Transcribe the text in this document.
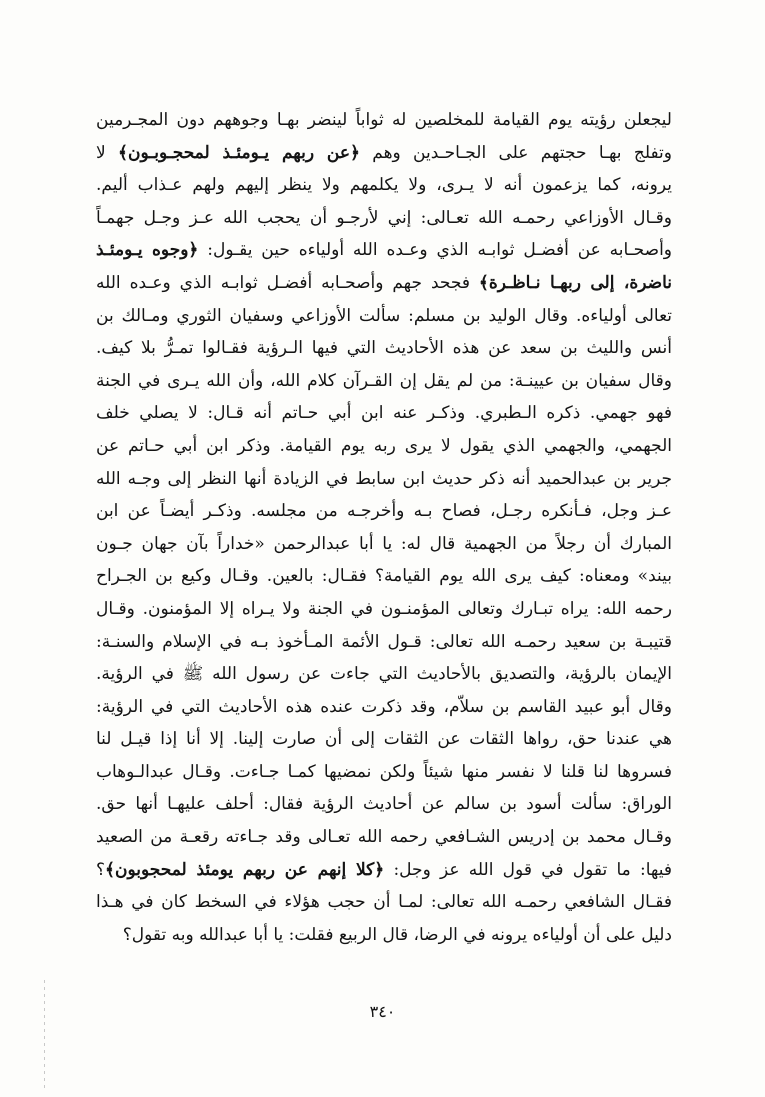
ليجعلن رؤيته يوم القيامة للمخلصين له ثواباً لينضر بهـا وجوههم دون المجـرمين
وتفلج بهـا حجتهم على الجـاحـدين وهم ﴿عن ربهم يـومئـذ لمحجـوبـون﴾ لا
يرونه، كما يزعمون أنه لا يـرى، ولا يكلمهم ولا ينظر إليهم ولهم عـذاب أليم.
وقـال الأوزاعي رحمـه الله تعـالى: إني لأرجـو أن يحجب الله عـز وجـل جهمـاً
وأصحـابه عن أفضـل ثوابـه الذي وعـده الله أولياءه حين يقـول: ﴿وجوه يـومئـذ
ناضرة، إلى ربهـا نـاظـرة﴾ فجحد جهم وأصحـابه أفضـل ثوابـه الذي وعـده الله
تعالى أولياءه. وقال الوليد بن مسلم: سألت الأوزاعي وسفيان الثوري ومـالك بن
أنس والليث بن سعد عن هذه الأحاديث التي فيها الـرؤية فقـالوا تمـرُّ بلا كيف.
وقال سفيان بن عيينـة: من لم يقل إن القـرآن كلام الله، وأن الله يـرى في الجنة
فهو جهمي. ذكره الـطبري. وذكـر عنه ابن أبي حـاتم أنه قـال: لا يصلي خلف
الجهمي، والجهمي الذي يقول لا يرى ربه يوم القيامة. وذكر ابن أبي حـاتم عن
جرير بن عبدالحميد أنه ذكر حديث ابن سابط في الزيادة أنها النظر إلى وجـه الله
عـز وجل، فـأنكره رجـل، فصاح بـه وأخرجـه من مجلسه. وذكـر أيضـاً عن ابن
المبارك أن رجلاً من الجهمية قال له: يا أبا عبدالرحمن «خداراً بآن جهان جـون
بيند» ومعناه: كيف يرى الله يوم القيامة؟ فقـال: بالعين. وقـال وكيع بن الجـراح
رحمه الله: يراه تبـارك وتعالى المؤمنـون في الجنة ولا يـراه إلا المؤمنون. وقـال
قتيبـة بن سعيد رحمـه الله تعالى: قـول الأئمة المـأخوذ بـه في الإسلام والسنـة:
الإيمان بالرؤية، والتصديق بالأحاديث التي جاءت عن رسول الله ﷺ في الرؤية.
وقال أبو عبيد القاسم بن سلاّم، وقد ذكرت عنده هذه الأحاديث التي في الرؤية:
هي عندنا حق، رواها الثقات عن الثقات إلى أن صارت إلينا. إلا أنا إذا قيـل لنا
فسروها لنا قلنا لا نفسر منها شيئاً ولكن نمضيها كمـا جـاءت. وقـال عبدالـوهاب
الوراق: سألت أسود بن سالم عن أحاديث الرؤية فقال: أحلف عليهـا أنها حق.
وقـال محمد بن إدريس الشـافعي رحمه الله تعـالى وقد جـاءته رقعـة من الصعيد
فيها: ما تقول في قول الله عز وجل: ﴿كلا إنهم عن ربهم يومئذ لمحجوبون﴾؟
فقـال الشافعي رحمـه الله تعالى: لمـا أن حجب هؤلاء في السخط كان في هـذا
دليل على أن أولياءه يرونه في الرضا، قال الربيع فقلت: يا أبا عبدالله وبه تقول؟
٣٤٠
